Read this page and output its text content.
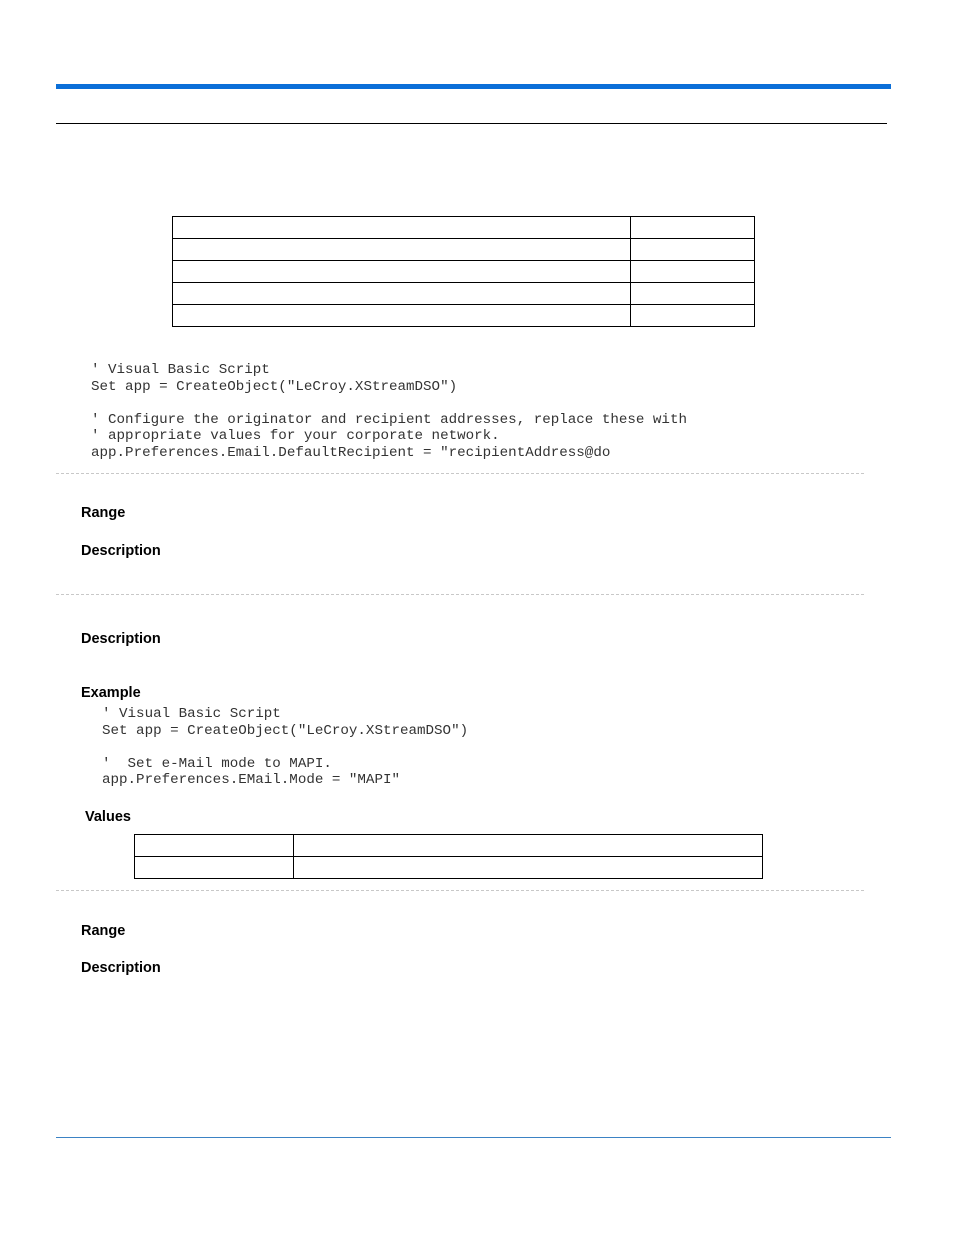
' Visual Basic Script
Set app = CreateObject("LeCroy.XStreamDSO")

' Configure the originator and recipient addresses, replace these with
' appropriate values for your corporate network.
app.Preferences.Email.DefaultRecipient = "recipientAddress@do
Range
Description
Description
Example
' Visual Basic Script
Set app = CreateObject("LeCroy.XStreamDSO")

'  Set e-Mail mode to MAPI.
app.Preferences.EMail.Mode = "MAPI"
Values

Range
Description
